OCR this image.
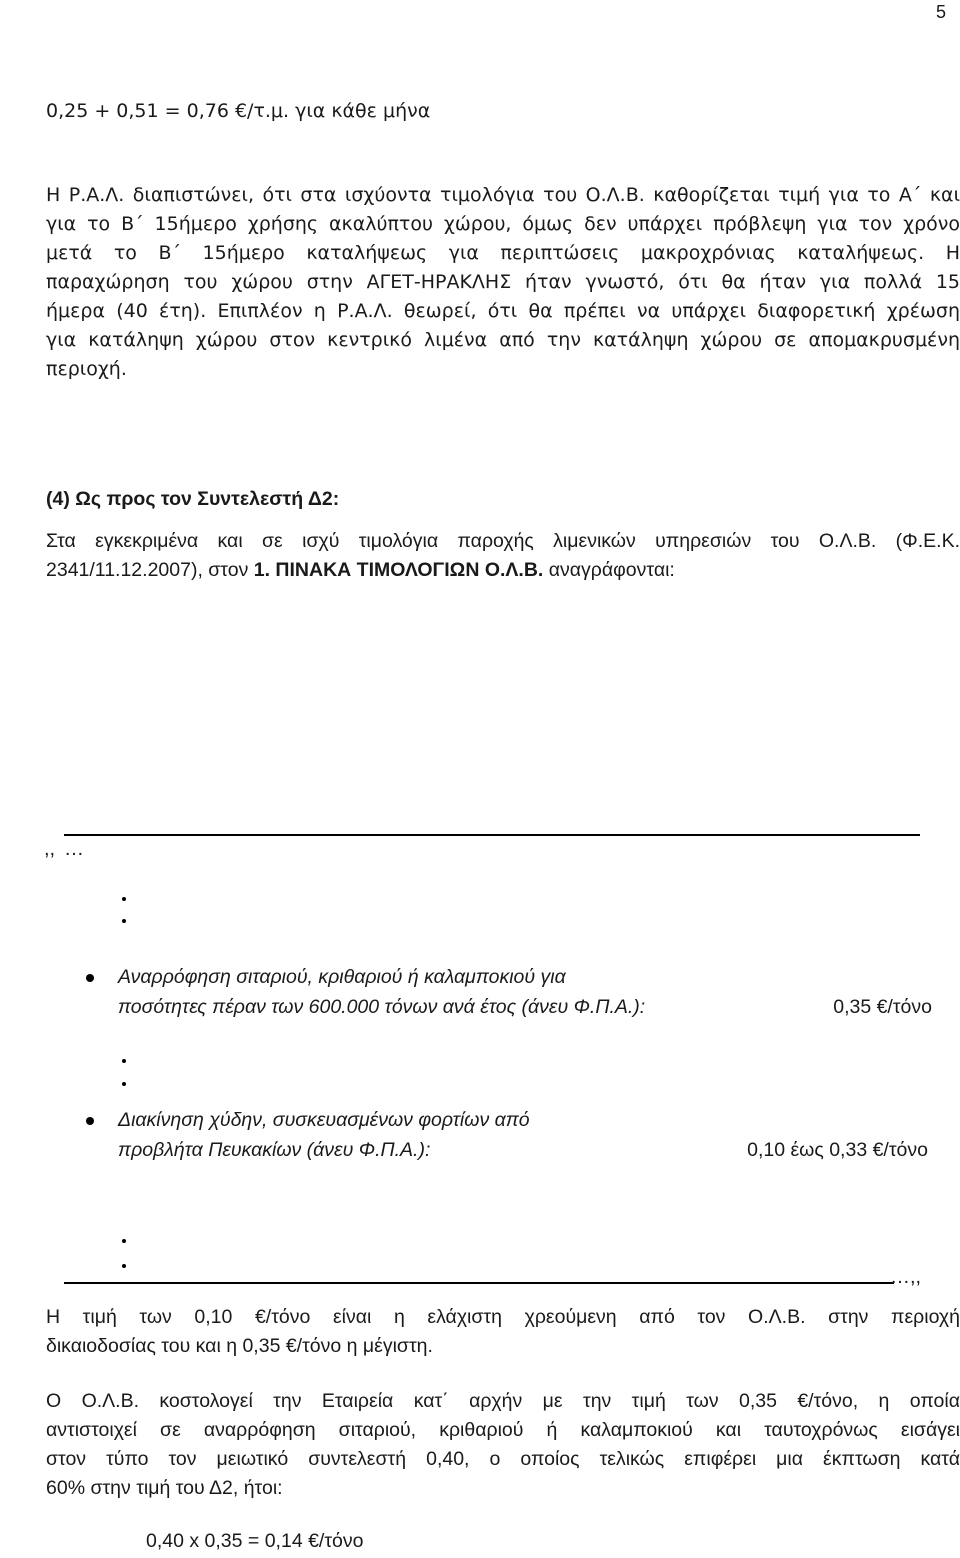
5
0,25 + 0,51 = 0,76 €/τ.μ. για κάθε μήνα
Η Ρ.Α.Λ. διαπιστώνει, ότι στα ισχύοντα τιμολόγια του Ο.Λ.Β. καθορίζεται τιμή για το Α΄ και
για το Β΄ 15ήμερο χρήσης ακαλύπτου χώρου, όμως δεν υπάρχει πρόβλεψη για τον χρόνο
μετά το Β΄ 15ήμερο καταλήψεως για περιπτώσεις μακροχρόνιας καταλήψεως. Η
παραχώρηση του χώρου στην ΑΓΕΤ-ΗΡΑΚΛΗΣ ήταν γνωστό, ότι θα ήταν για πολλά 15
ήμερα (40 έτη). Επιπλέον η Ρ.Α.Λ. θεωρεί, ότι θα πρέπει να υπάρχει διαφορετική χρέωση
για κατάληψη χώρου στον κεντρικό λιμένα από την κατάληψη χώρου σε απομακρυσμένη
περιοχή.
(4) Ως προς τον Συντελεστή Δ2:
Στα εγκεκριμένα και σε ισχύ τιμολόγια παροχής λιμενικών υπηρεσιών του Ο.Λ.Β. (Φ.Ε.Κ.
2341/11.12.2007), στον 1. ΠΙΝΑΚΑ ΤΙΜΟΛΟΓΙΩΝ Ο.Λ.Β. αναγράφονται:
,, …
Αναρρόφηση σιταριού, κριθαριού ή καλαμποκιού για
ποσότητες πέραν των 600.000 τόνων ανά έτος (άνευ Φ.Π.Α.):	0,35 €/τόνο
Διακίνηση χύδην, συσκευασμένων φορτίων από
προβλήτα Πευκακίων (άνευ Φ.Π.Α.):	0,10 έως 0,33 €/τόνο
…,,
Η τιμή των 0,10 €/τόνο είναι η ελάχιστη χρεούμενη από τον Ο.Λ.Β. στην περιοχή
δικαιοδοσίας του και η 0,35 €/τόνο η μέγιστη.
Ο Ο.Λ.Β. κοστολογεί την Εταιρεία κατ΄ αρχήν με την τιμή των 0,35 €/τόνο, η οποία
αντιστοιχεί σε αναρρόφηση σιταριού, κριθαριού ή καλαμποκιού και ταυτοχρόνως εισάγει
στον τύπο τον μειωτικό συντελεστή 0,40, ο οποίος τελικώς επιφέρει μια έκπτωση κατά
60% στην τιμή του Δ2, ήτοι:
0,40 x 0,35 = 0,14 €/τόνο
